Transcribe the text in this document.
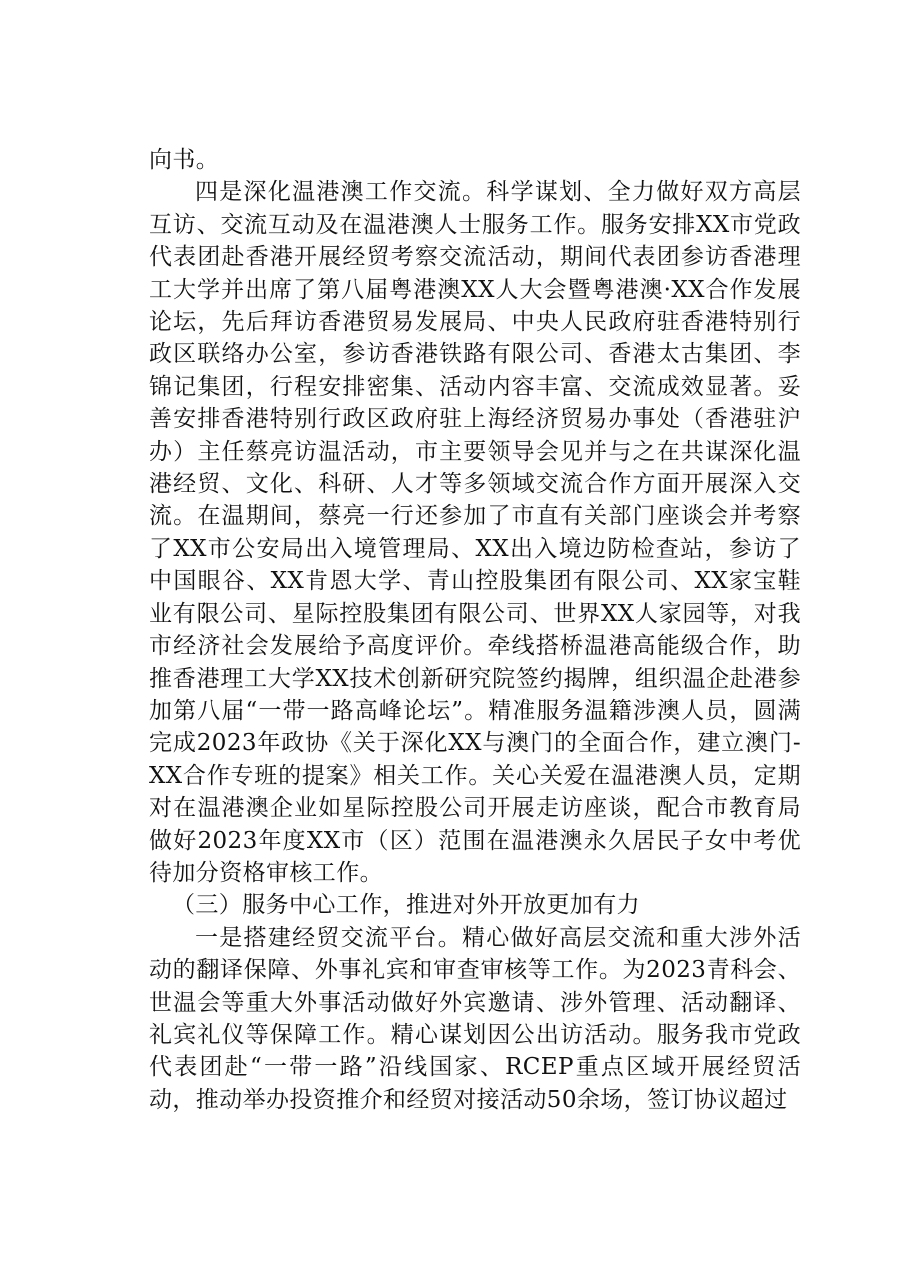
向书。

四是深化温港澳工作交流。科学谋划、全力做好双方高层互访、交流互动及在温港澳人士服务工作。服务安排XX市党政代表团赴香港开展经贸考察交流活动，期间代表团参访香港理工大学并出席了第八届粤港澳XX人大会暨粤港澳·XX合作发展论坛，先后拜访香港贸易发展局、中央人民政府驻香港特别行政区联络办公室，参访香港铁路有限公司、香港太古集团、李锦记集团，行程安排密集、活动内容丰富、交流成效显著。妥善安排香港特别行政区政府驻上海经济贸易办事处（香港驻沪办）主任蔡亮访温活动，市主要领导会见并与之在共谋深化温港经贸、文化、科研、人才等多领域交流合作方面开展深入交流。在温期间，蔡亮一行还参加了市直有关部门座谈会并考察了XX市公安局出入境管理局、XX出入境边防检查站，参访了中国眼谷、XX肯恩大学、青山控股集团有限公司、XX家宝鞋业有限公司、星际控股集团有限公司、世界XX人家园等，对我市经济社会发展给予高度评价。牵线搭桥温港高能级合作，助推香港理工大学XX技术创新研究院签约揭牌，组织温企赴港参加第八届“一带一路高峰论坛”。精准服务温籍涉澳人员，圆满完成2023年政协《关于深化XX与澳门的全面合作，建立澳门-XX合作专班的提案》相关工作。关心关爱在温港澳人员，定期对在温港澳企业如星际控股公司开展走访座谈，配合市教育局做好2023年度XX市（区）范围在温港澳永久居民子女中考优待加分资格审核工作。

（三）服务中心工作，推进对外开放更加有力

一是搭建经贸交流平台。精心做好高层交流和重大涉外活动的翻译保障、外事礼宾和审查审核等工作。为2023青科会、世温会等重大外事活动做好外宾邀请、涉外管理、活动翻译、礼宾礼仪等保障工作。精心谋划因公出访活动。服务我市党政代表团赴“一带一路”沿线国家、RCEP重点区域开展经贸活动，推动举办投资推介和经贸对接活动50余场，签订协议超过
